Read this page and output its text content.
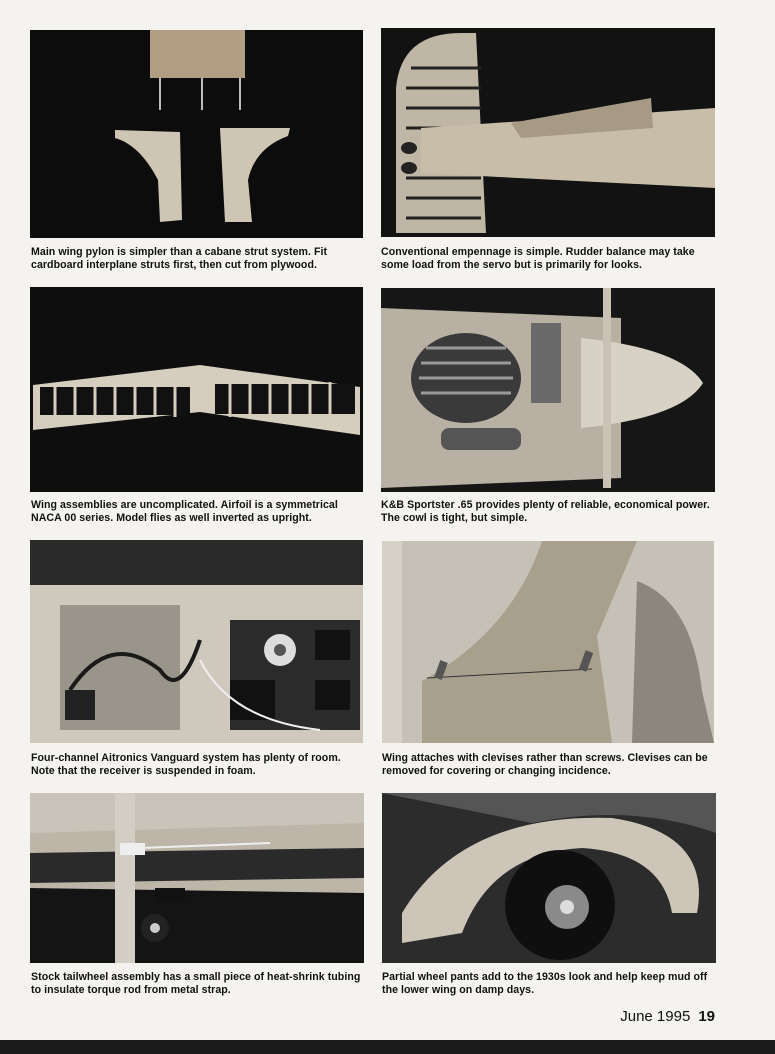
Main wing pylon is simpler than a cabane strut system. Fit
cardboard interplane struts first, then cut from plywood.
Conventional empennage is simple. Rudder balance may take
some load from the servo but is primarily for looks.
Wing assemblies are uncomplicated. Airfoil is a symmetrical
NACA 00 series. Model flies as well inverted as upright.
K&B Sportster .65 provides plenty of reliable, economical power.
The cowl is tight, but simple.
Four-channel Aitronics Vanguard system has plenty of room.
Note that the receiver is suspended in foam.
Wing attaches with clevises rather than screws. Clevises can be
removed for covering or changing incidence.
Stock tailwheel assembly has a small piece of heat-shrink tubing
to insulate torque rod from metal strap.
Partial wheel pants add to the 1930s look and help keep mud off
the lower wing on damp days.
June 1995 19
